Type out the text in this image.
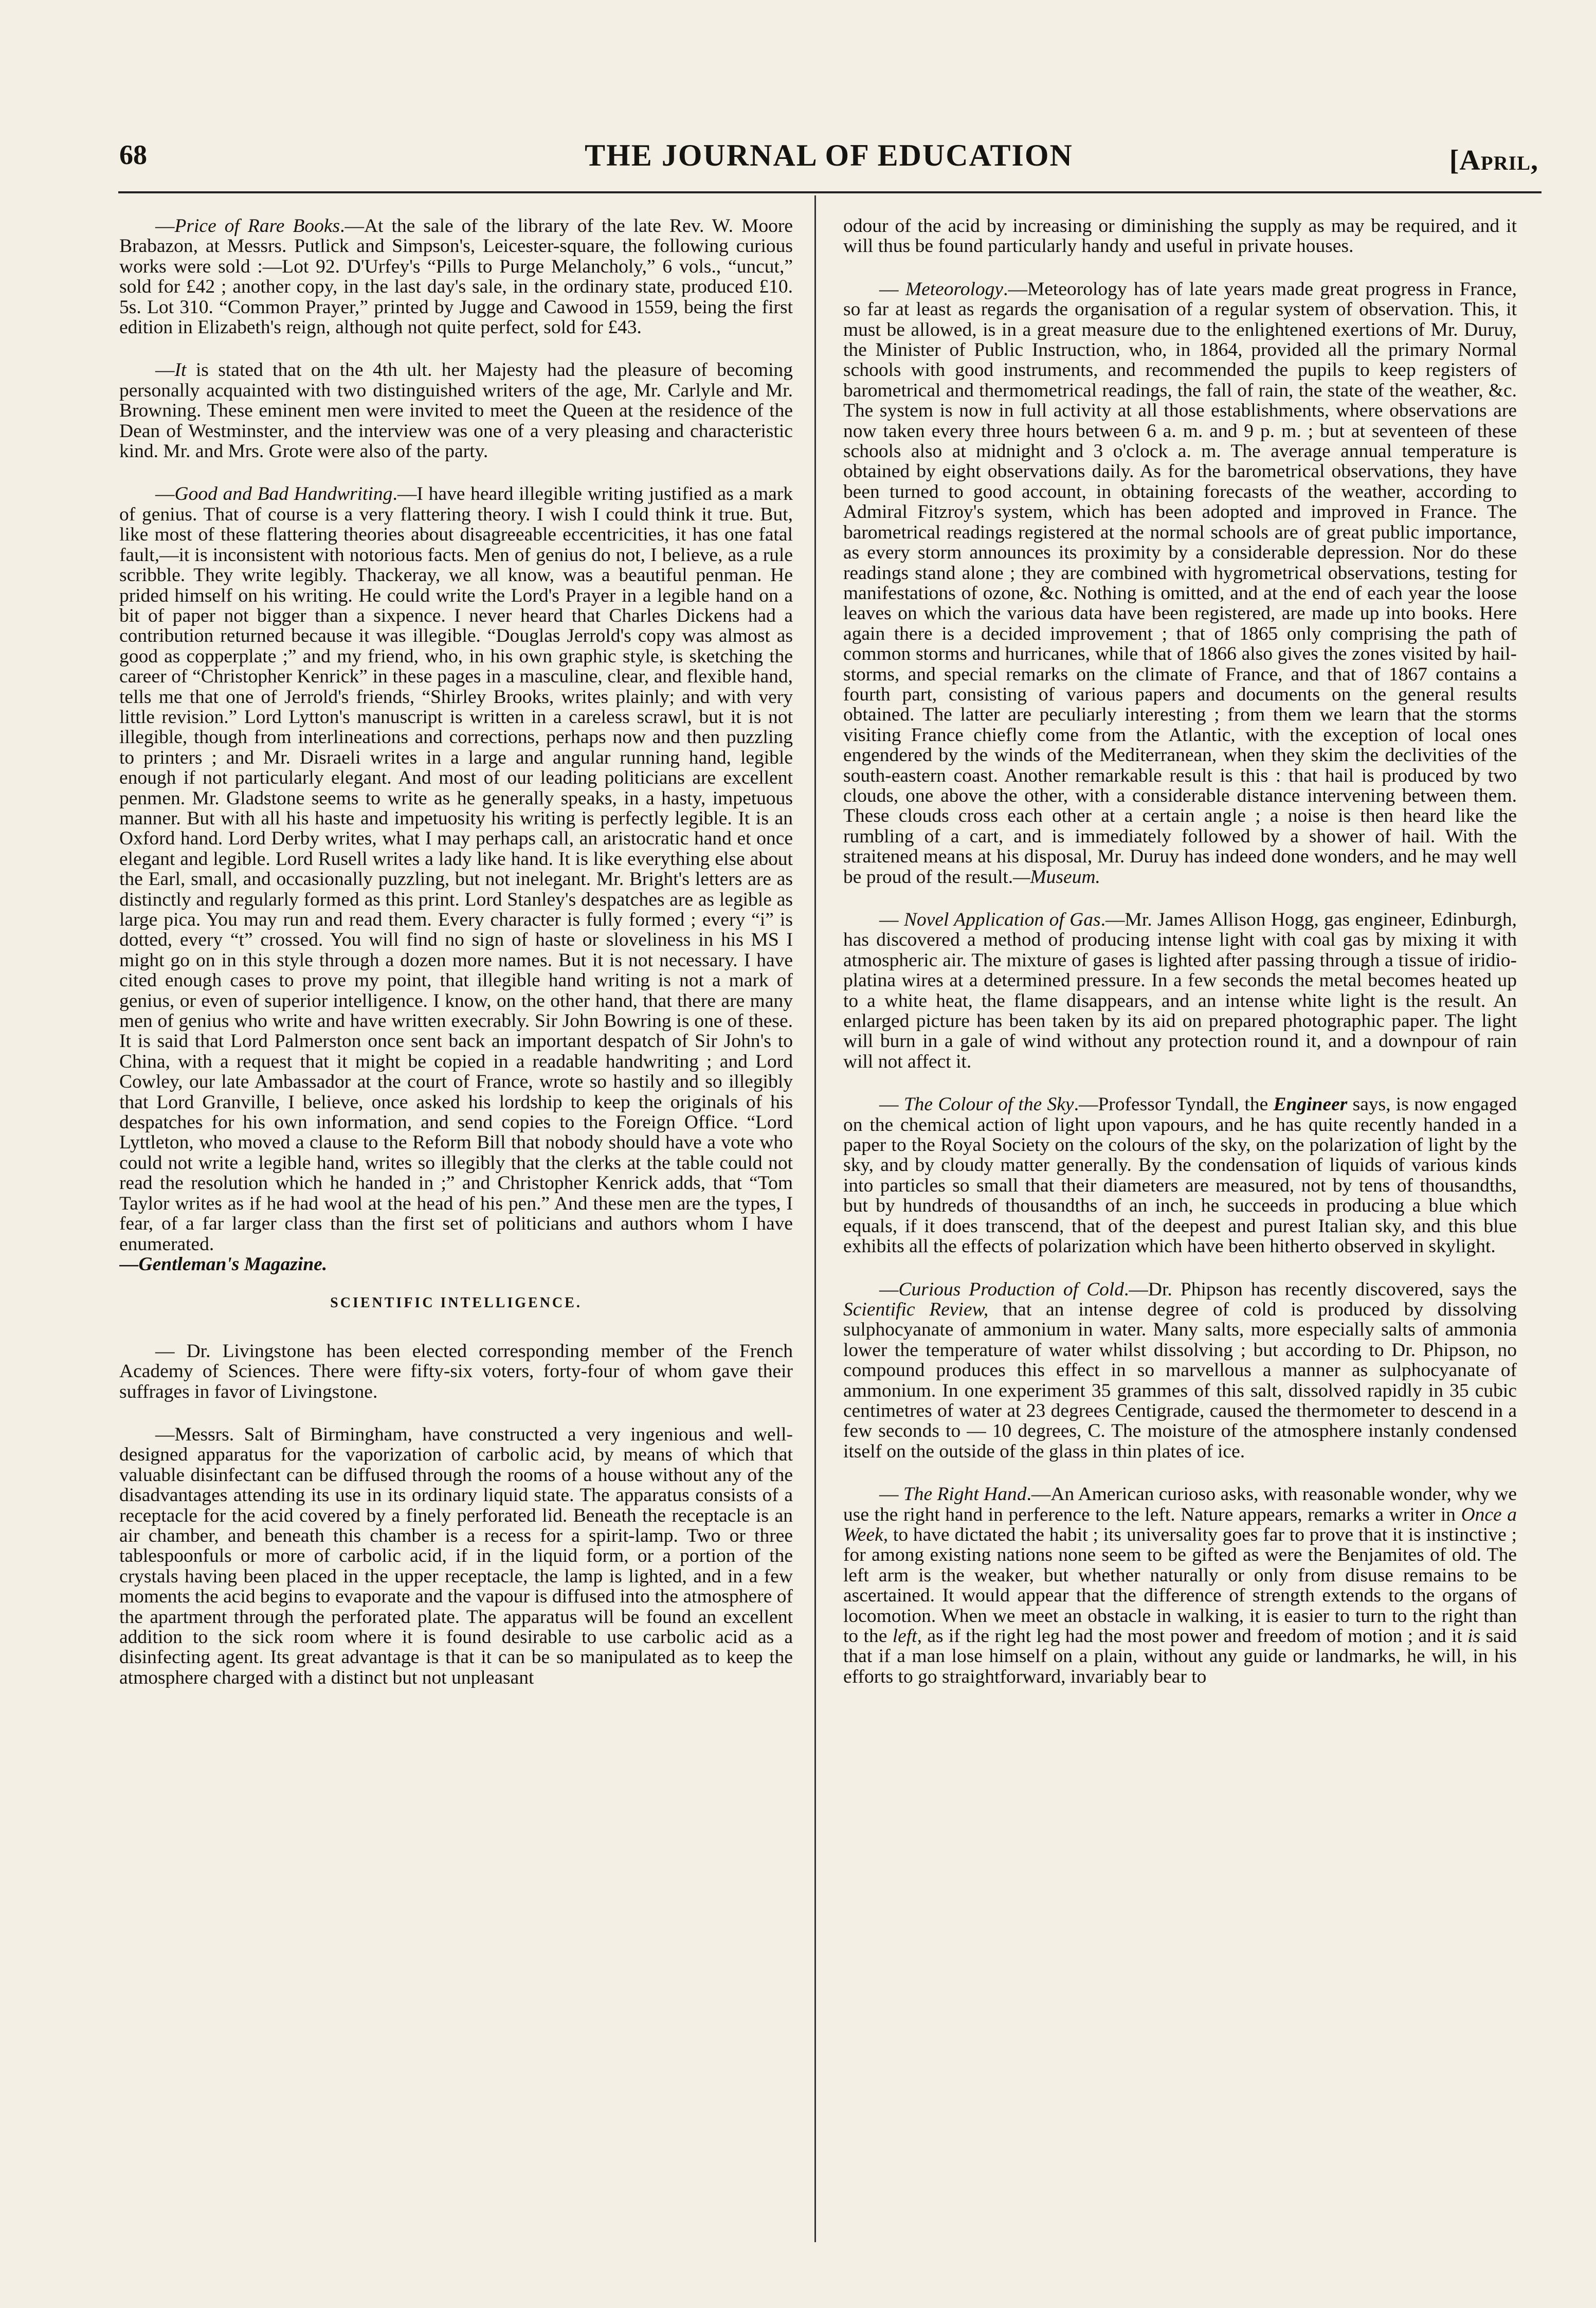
68	THE JOURNAL OF EDUCATION	[April,

—Price of Rare Books.—At the sale of the library of the late Rev. W. Moore Brabazon, at Messrs. Putlick and Simpson's, Leicester-square, the following curious works were sold :—Lot 92. D'Urfey's “Pills to Purge Melancholy,” 6 vols., “uncut,” sold for £42 ; another copy, in the last day's sale, in the ordinary state, produced £10. 5s. Lot 310. “Common Prayer,” printed by Jugge and Cawood in 1559, being the first edition in Elizabeth's reign, although not quite perfect, sold for £43.

—It is stated that on the 4th ult. her Majesty had the pleasure of becoming personally acquainted with two distinguished writers of the age, Mr. Carlyle and Mr. Browning. These eminent men were invited to meet the Queen at the residence of the Dean of Westminster, and the interview was one of a very pleasing and characteristic kind. Mr. and Mrs. Grote were also of the party.

—Good and Bad Handwriting.—I have heard illegible writing justified as a mark of genius. That of course is a very flattering theory. I wish I could think it true. But, like most of these flattering theories about disagreeable eccentricities, it has one fatal fault,—it is inconsistent with notorious facts. Men of genius do not, I believe, as a rule scribble. They write legibly. Thackeray, we all know, was a beautiful penman. He prided himself on his writing. He could write the Lord's Prayer in a legible hand on a bit of paper not bigger than a sixpence. I never heard that Charles Dickens had a contribution returned because it was illegible. “Douglas Jerrold's copy was almost as good as copperplate ;” and my friend, who, in his own graphic style, is sketching the career of “Christopher Kenrick” in these pages in a masculine, clear, and flexible hand, tells me that one of Jerrold's friends, “Shirley Brooks, writes plainly; and with very little revision.” Lord Lytton's manuscript is written in a careless scrawl, but it is not illegible, though from interlineations and corrections, perhaps now and then puzzling to printers ; and Mr. Disraeli writes in a large and angular running hand, legible enough if not particularly elegant. And most of our leading politicians are excellent penmen. Mr. Gladstone seems to write as he generally speaks, in a hasty, impetuous manner. But with all his haste and impetuosity his writing is perfectly legible. It is an Oxford hand. Lord Derby writes, what I may perhaps call, an aristocratic hand et once elegant and legible. Lord Rusell writes a lady like hand. It is like everything else about the Earl, small, and occasionally puzzling, but not inelegant. Mr. Bright's letters are as distinctly and regularly formed as this print. Lord Stanley's despatches are as legible as large pica. You may run and read them. Every character is fully formed ; every “i” is dotted, every “t” crossed. You will find no sign of haste or sloveliness in his MS I might go on in this style through a dozen more names. But it is not necessary. I have cited enough cases to prove my point, that illegible hand writing is not a mark of genius, or even of superior intelligence. I know, on the other hand, that there are many men of genius who write and have written execrably. Sir John Bowring is one of these. It is said that Lord Palmerston once sent back an important despatch of Sir John's to China, with a request that it might be copied in a readable handwriting ; and Lord Cowley, our late Ambassador at the court of France, wrote so hastily and so illegibly that Lord Granville, I believe, once asked his lordship to keep the originals of his despatches for his own information, and send copies to the Foreign Office. “Lord Lyttleton, who moved a clause to the Reform Bill that nobody should have a vote who could not write a legible hand, writes so illegibly that the clerks at the table could not read the resolution which he handed in ;” and Christopher Kenrick adds, that “Tom Taylor writes as if he had wool at the head of his pen.” And these men are the types, I fear, of a far larger class than the first set of politicians and authors whom I have enumerated.
—Gentleman's Magazine.

SCIENTIFIC INTELLIGENCE.

— Dr. Livingstone has been elected corresponding member of the French Academy of Sciences. There were fifty-six voters, forty-four of whom gave their suffrages in favor of Livingstone.

—Messrs. Salt of Birmingham, have constructed a very ingenious and well-designed apparatus for the vaporization of carbolic acid, by means of which that valuable disinfectant can be diffused through the rooms of a house without any of the disadvantages attending its use in its ordinary liquid state. The apparatus consists of a receptacle for the acid covered by a finely perforated lid. Beneath the receptacle is an air chamber, and beneath this chamber is a recess for a spirit-lamp. Two or three tablespoonfuls or more of carbolic acid, if in the liquid form, or a portion of the crystals having been placed in the upper receptacle, the lamp is lighted, and in a few moments the acid begins to evaporate and the vapour is diffused into the atmosphere of the apartment through the perforated plate. The apparatus will be found an excellent addition to the sick room where it is found desirable to use carbolic acid as a disinfecting agent. Its great advantage is that it can be so manipulated as to keep the atmosphere charged with a distinct but not unpleasant

odour of the acid by increasing or diminishing the supply as may be required, and it will thus be found particularly handy and useful in private houses.

— Meteorology.—Meteorology has of late years made great progress in France, so far at least as regards the organisation of a regular system of observation. This, it must be allowed, is in a great measure due to the enlightened exertions of Mr. Duruy, the Minister of Public Instruction, who, in 1864, provided all the primary Normal schools with good instruments, and recommended the pupils to keep registers of barometrical and thermometrical readings, the fall of rain, the state of the weather, &c. The system is now in full activity at all those establishments, where observations are now taken every three hours between 6 a. m. and 9 p. m. ; but at seventeen of these schools also at midnight and 3 o'clock a. m. The average annual temperature is obtained by eight observations daily. As for the barometrical observations, they have been turned to good account, in obtaining forecasts of the weather, according to Admiral Fitzroy's system, which has been adopted and improved in France. The barometrical readings registered at the normal schools are of great public importance, as every storm announces its proximity by a considerable depression. Nor do these readings stand alone ; they are combined with hygrometrical observations, testing for manifestations of ozone, &c. Nothing is omitted, and at the end of each year the loose leaves on which the various data have been registered, are made up into books. Here again there is a decided improvement ; that of 1865 only comprising the path of common storms and hurricanes, while that of 1866 also gives the zones visited by hail-storms, and special remarks on the climate of France, and that of 1867 contains a fourth part, consisting of various papers and documents on the general results obtained. The latter are peculiarly interesting ; from them we learn that the storms visiting France chiefly come from the Atlantic, with the exception of local ones engendered by the winds of the Mediterranean, when they skim the declivities of the south-eastern coast. Another remarkable result is this : that hail is produced by two clouds, one above the other, with a considerable distance intervening between them. These clouds cross each other at a certain angle ; a noise is then heard like the rumbling of a cart, and is immediately followed by a shower of hail. With the straitened means at his disposal, Mr. Duruy has indeed done wonders, and he may well be proud of the result.—Museum.

— Novel Application of Gas.—Mr. James Allison Hogg, gas engineer, Edinburgh, has discovered a method of producing intense light with coal gas by mixing it with atmospheric air. The mixture of gases is lighted after passing through a tissue of iridio-platina wires at a determined pressure. In a few seconds the metal becomes heated up to a white heat, the flame disappears, and an intense white light is the result. An enlarged picture has been taken by its aid on prepared photographic paper. The light will burn in a gale of wind without any protection round it, and a downpour of rain will not affect it.

— The Colour of the Sky.—Professor Tyndall, the Engineer says, is now engaged on the chemical action of light upon vapours, and he has quite recently handed in a paper to the Royal Society on the colours of the sky, on the polarization of light by the sky, and by cloudy matter generally. By the condensation of liquids of various kinds into particles so small that their diameters are measured, not by tens of thousandths, but by hundreds of thousandths of an inch, he succeeds in producing a blue which equals, if it does transcend, that of the deepest and purest Italian sky, and this blue exhibits all the effects of polarization which have been hitherto observed in skylight.

—Curious Production of Cold.—Dr. Phipson has recently discovered, says the Scientific Review, that an intense degree of cold is produced by dissolving sulphocyanate of ammonium in water. Many salts, more especially salts of ammonia lower the temperature of water whilst dissolving ; but according to Dr. Phipson, no compound produces this effect in so marvellous a manner as sulphocyanate of ammonium. In one experiment 35 grammes of this salt, dissolved rapidly in 35 cubic centimetres of water at 23 degrees Centigrade, caused the thermometer to descend in a few seconds to — 10 degrees, C. The moisture of the atmosphere instanly condensed itself on the outside of the glass in thin plates of ice.

— The Right Hand.—An American curioso asks, with reasonable wonder, why we use the right hand in perference to the left. Nature appears, remarks a writer in Once a Week, to have dictated the habit ; its universality goes far to prove that it is instinctive ; for among existing nations none seem to be gifted as were the Benjamites of old. The left arm is the weaker, but whether naturally or only from disuse remains to be ascertained. It would appear that the difference of strength extends to the organs of locomotion. When we meet an obstacle in walking, it is easier to turn to the right than to the left, as if the right leg had the most power and freedom of motion ; and it is said that if a man lose himself on a plain, without any guide or landmarks, he will, in his efforts to go straightforward, invariably bear to
